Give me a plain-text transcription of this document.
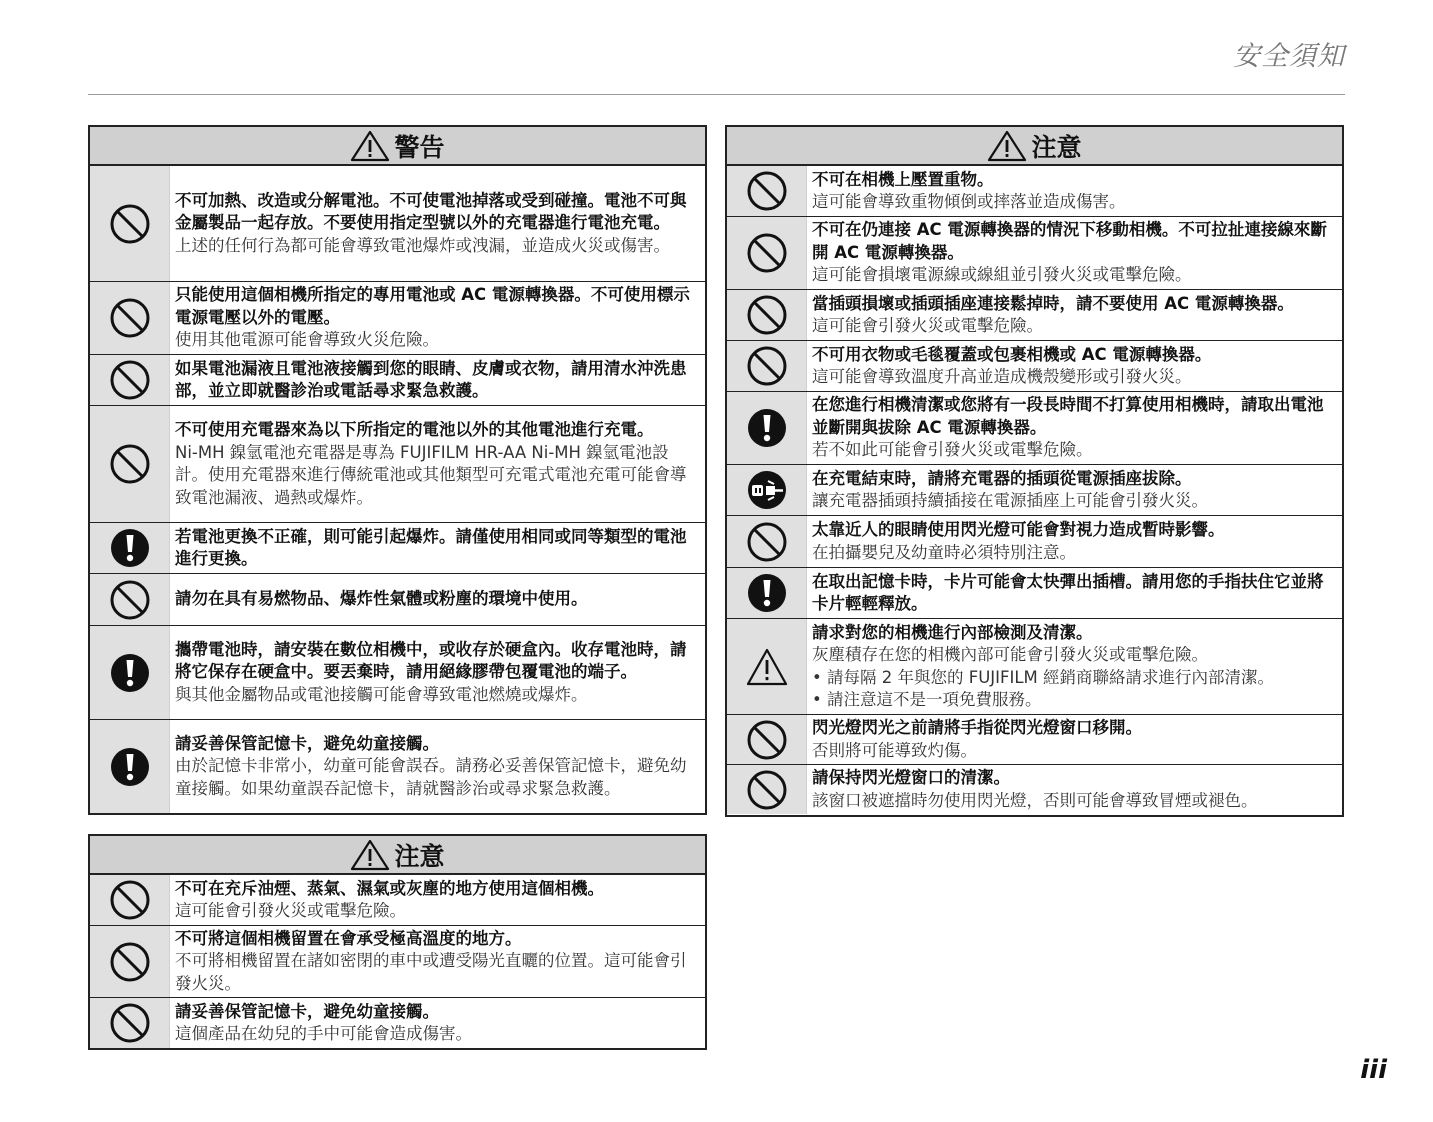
安全須知
警告
不可加熱、改造或分解電池。不可使電池掉落或受到碰撞。電池不可與金屬製品一起存放。不要使用指定型號以外的充電器進行電池充電。
上述的任何行為都可能會導致電池爆炸或洩漏，並造成火災或傷害。
只能使用這個相機所指定的專用電池或 AC 電源轉換器。不可使用標示電源電壓以外的電壓。
使用其他電源可能會導致火災危險。
如果電池漏液且電池液接觸到您的眼睛、皮膚或衣物，請用清水沖洗患部，並立即就醫診治或電話尋求緊急救護。
不可使用充電器來為以下所指定的電池以外的其他電池進行充電。
Ni-MH 鎳氫電池充電器是專為 FUJIFILM HR-AA Ni-MH 鎳氫電池設計。使用充電器來進行傳統電池或其他類型可充電式電池充電可能會導致電池漏液、過熱或爆炸。
若電池更換不正確，則可能引起爆炸。請僅使用相同或同等類型的電池進行更換。
請勿在具有易燃物品、爆炸性氣體或粉塵的環境中使用。
攜帶電池時，請安裝在數位相機中，或收存於硬盒內。收存電池時，請將它保存在硬盒中。要丟棄時，請用絕緣膠帶包覆電池的端子。
與其他金屬物品或電池接觸可能會導致電池燃燒或爆炸。
請妥善保管記憶卡，避免幼童接觸。
由於記憶卡非常小，幼童可能會誤吞。請務必妥善保管記憶卡，避免幼童接觸。如果幼童誤吞記憶卡，請就醫診治或尋求緊急救護。
注意
不可在充斥油煙、蒸氣、濕氣或灰塵的地方使用這個相機。
這可能會引發火災或電擊危險。
不可將這個相機留置在會承受極高溫度的地方。
不可將相機留置在諸如密閉的車中或遭受陽光直曬的位置。這可能會引發火災。
請妥善保管記憶卡，避免幼童接觸。
這個產品在幼兒的手中可能會造成傷害。
注意
不可在相機上壓置重物。
這可能會導致重物傾倒或摔落並造成傷害。
不可在仍連接 AC 電源轉換器的情況下移動相機。不可拉扯連接線來斷開 AC 電源轉換器。
這可能會損壞電源線或線組並引發火災或電擊危險。
當插頭損壞或插頭插座連接鬆掉時，請不要使用 AC 電源轉換器。
這可能會引發火災或電擊危險。
不可用衣物或毛毯覆蓋或包裹相機或 AC 電源轉換器。
這可能會導致溫度升高並造成機殼變形或引發火災。
在您進行相機清潔或您將有一段長時間不打算使用相機時，請取出電池並斷開與拔除 AC 電源轉換器。
若不如此可能會引發火災或電擊危險。
在充電結束時，請將充電器的插頭從電源插座拔除。
讓充電器插頭持續插接在電源插座上可能會引發火災。
太靠近人的眼睛使用閃光燈可能會對視力造成暫時影響。
在拍攝嬰兒及幼童時必須特別注意。
在取出記憶卡時，卡片可能會太快彈出插槽。請用您的手指扶住它並將卡片輕輕釋放。
請求對您的相機進行內部檢測及清潔。
灰塵積存在您的相機內部可能會引發火災或電擊危險。
• 請每隔 2 年與您的 FUJIFILM 經銷商聯絡請求進行內部清潔。
• 請注意這不是一項免費服務。
閃光燈閃光之前請將手指從閃光燈窗口移開。
否則將可能導致灼傷。
請保持閃光燈窗口的清潔。
該窗口被遮擋時勿使用閃光燈，否則可能會導致冒煙或褪色。
iii
